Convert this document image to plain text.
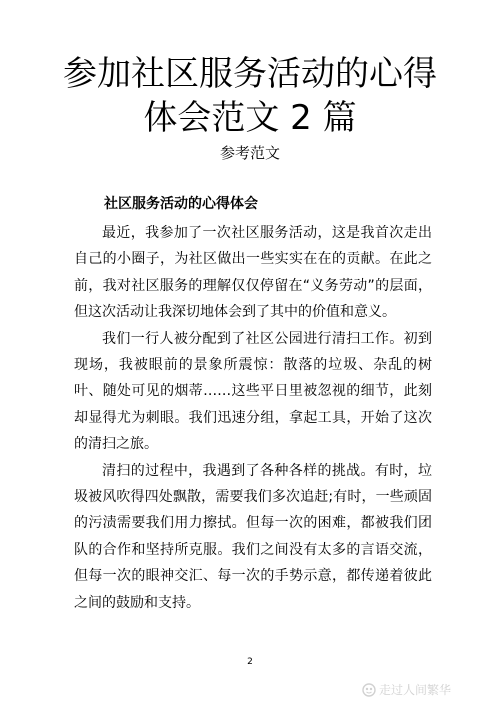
参加社区服务活动的心得
体会范文 2 篇
参考范文
社区服务活动的心得体会

最近，我参加了一次社区服务活动，这是我首次走出自己的小圈子，为社区做出一些实实在在的贡献。在此之前，我对社区服务的理解仅仅停留在“义务劳动”的层面，但这次活动让我深切地体会到了其中的价值和意义。

我们一行人被分配到了社区公园进行清扫工作。初到现场，我被眼前的景象所震惊：散落的垃圾、杂乱的树叶、随处可见的烟蒂……这些平日里被忽视的细节，此刻却显得尤为刺眼。我们迅速分组，拿起工具，开始了这次的清扫之旅。

清扫的过程中，我遇到了各种各样的挑战。有时，垃圾被风吹得四处飘散，需要我们多次追赶;有时，一些顽固的污渍需要我们用力擦拭。但每一次的困难，都被我们团队的合作和坚持所克服。我们之间没有太多的言语交流，但每一次的眼神交汇、每一次的手势示意，都传递着彼此之间的鼓励和支持。

2
走过人间繁华
